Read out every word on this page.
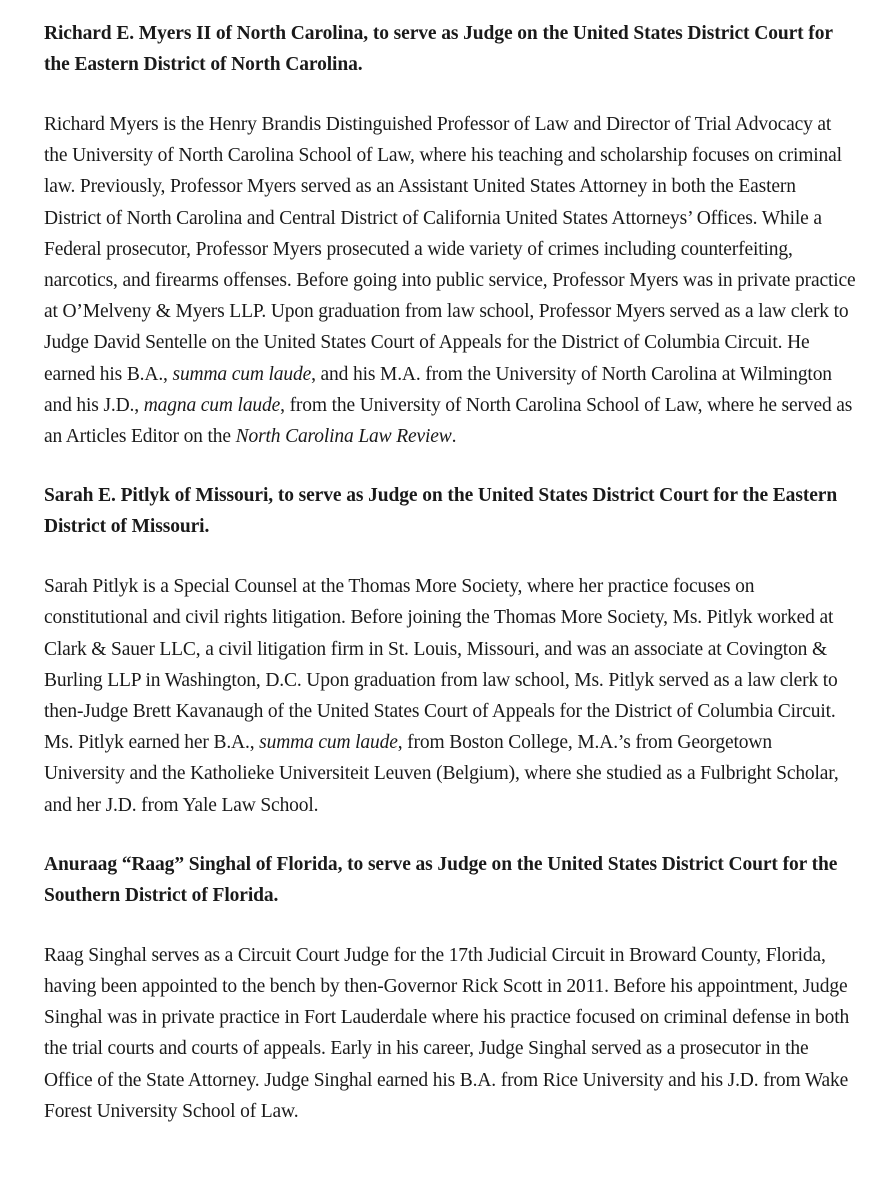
Richard E. Myers II of North Carolina, to serve as Judge on the United States District Court for the Eastern District of North Carolina.

Richard Myers is the Henry Brandis Distinguished Professor of Law and Director of Trial Advocacy at the University of North Carolina School of Law, where his teaching and scholarship focuses on criminal law. Previously, Professor Myers served as an Assistant United States Attorney in both the Eastern District of North Carolina and Central District of California United States Attorneys’ Offices. While a Federal prosecutor, Professor Myers prosecuted a wide variety of crimes including counterfeiting, narcotics, and firearms offenses. Before going into public service, Professor Myers was in private practice at O’Melveny & Myers LLP. Upon graduation from law school, Professor Myers served as a law clerk to Judge David Sentelle on the United States Court of Appeals for the District of Columbia Circuit. He earned his B.A., summa cum laude, and his M.A. from the University of North Carolina at Wilmington and his J.D., magna cum laude, from the University of North Carolina School of Law, where he served as an Articles Editor on the North Carolina Law Review.

Sarah E. Pitlyk of Missouri, to serve as Judge on the United States District Court for the Eastern District of Missouri.

Sarah Pitlyk is a Special Counsel at the Thomas More Society, where her practice focuses on constitutional and civil rights litigation. Before joining the Thomas More Society, Ms. Pitlyk worked at Clark & Sauer LLC, a civil litigation firm in St. Louis, Missouri, and was an associate at Covington & Burling LLP in Washington, D.C. Upon graduation from law school, Ms. Pitlyk served as a law clerk to then-Judge Brett Kavanaugh of the United States Court of Appeals for the District of Columbia Circuit. Ms. Pitlyk earned her B.A., summa cum laude, from Boston College, M.A.’s from Georgetown University and the Katholieke Universiteit Leuven (Belgium), where she studied as a Fulbright Scholar, and her J.D. from Yale Law School.

Anuraag “Raag” Singhal of Florida, to serve as Judge on the United States District Court for the Southern District of Florida.

Raag Singhal serves as a Circuit Court Judge for the 17th Judicial Circuit in Broward County, Florida, having been appointed to the bench by then-Governor Rick Scott in 2011. Before his appointment, Judge Singhal was in private practice in Fort Lauderdale where his practice focused on criminal defense in both the trial courts and courts of appeals. Early in his career, Judge Singhal served as a prosecutor in the Office of the State Attorney. Judge Singhal earned his B.A. from Rice University and his J.D. from Wake Forest University School of Law.
